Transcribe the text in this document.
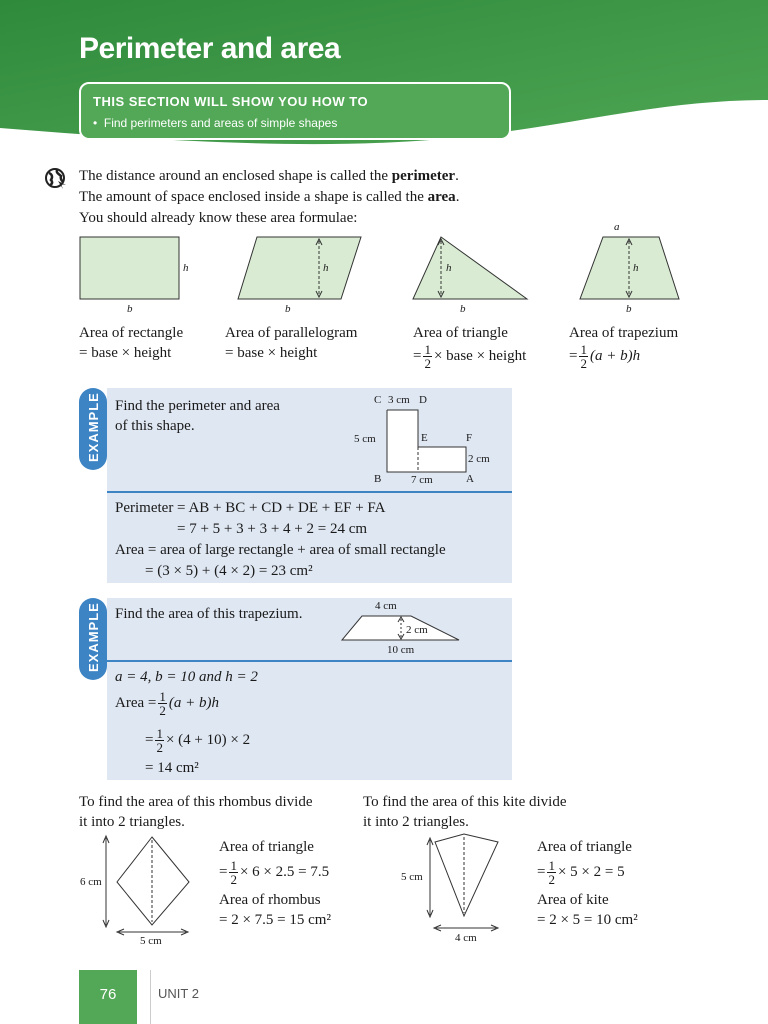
Perimeter and area
THIS SECTION WILL SHOW YOU HOW TO
•  Find perimeters and areas of simple shapes
The distance around an enclosed shape is called the perimeter.
The amount of space enclosed inside a shape is called the area.
You should already know these area formulae:
h
b
h
b
h
b
a
h
b
Area of rectangle
= base × height
Area of parallelogram
= base × height
Area of triangle
= $\frac{1}{2}$ × base × height
Area of trapezium
= $\frac{1}{2} (a + b)h$
EXAMPLE Find the perimeter and area
of this shape.
C 3 cm D
5 cm	E	F
2 cm
B	7 cm	A
Perimeter = AB + BC + CD + DE + EF + FA
= 7 + 5 + 3 + 3 + 4 + 2 = 24 cm
Area = area of large rectangle + area of small rectangle
= (3 × 5) + (4 × 2) = 23 cm²
EXAMPLE Find the area of this trapezium.	4 cm
2 cm
10 cm
a = 4, b = 10 and h = 2
Area = $\frac{1}{2} (a + b)h$
= $\frac{1}{2} \times (4 + 10) \times 2$
= 14 cm²
To find the area of this rhombus divide
it into 2 triangles.
6 cm
5 cm
Area of triangle
= $\frac{1}{2} \times 6 \times 2.5 = 7.5$
Area of rhombus
= 2 × 7.5 = 15 cm²
To find the area of this kite divide
it into 2 triangles.
5 cm
4 cm
Area of triangle
= $\frac{1}{2} \times 5 \times 2 = 5$
Area of kite
= 2 × 5 = 10 cm²
76	UNIT 2
